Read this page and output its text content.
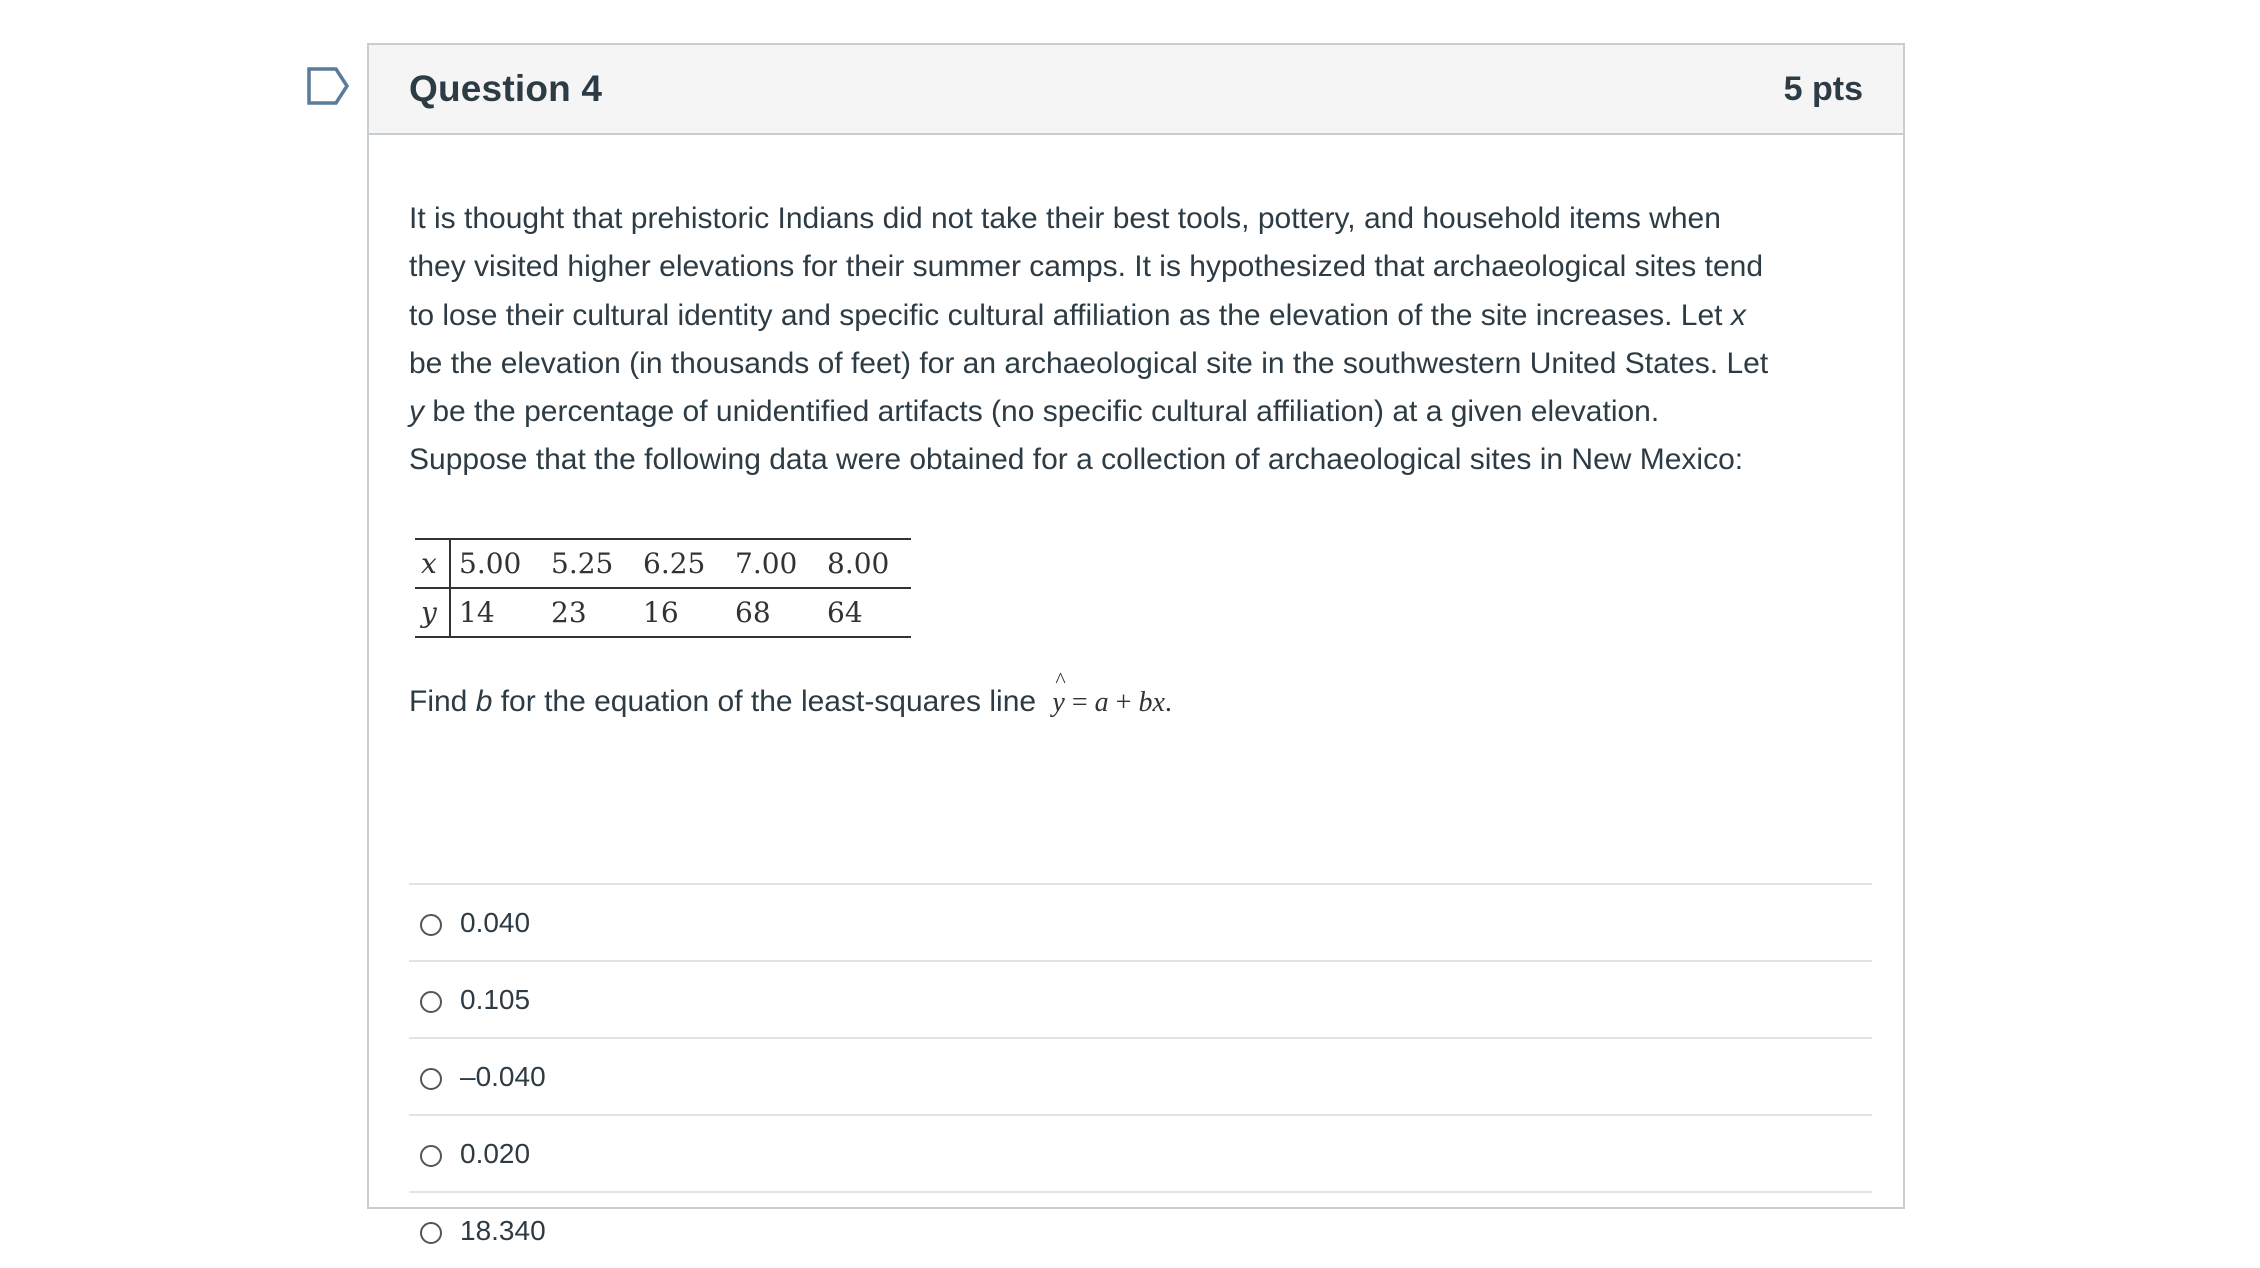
Question 4	5 pts

It is thought that prehistoric Indians did not take their best tools, pottery, and household items when
they visited higher elevations for their summer camps. It is hypothesized that archaeological sites tend
to lose their cultural identity and specific cultural affiliation as the elevation of the site increases. Let x
be the elevation (in thousands of feet) for an archaeological site in the southwestern United States. Let
y be the percentage of unidentified artifacts (no specific cultural affiliation) at a given elevation.
Suppose that the following data were obtained for a collection of archaeological sites in New Mexico:

x	5.00	5.25	6.25	7.00	8.00
y	14	23	16	68	64
Find b for the equation of the least-squares line
^
y = a + bx.
0.040
0.105
–0.040
0.020
18.340
